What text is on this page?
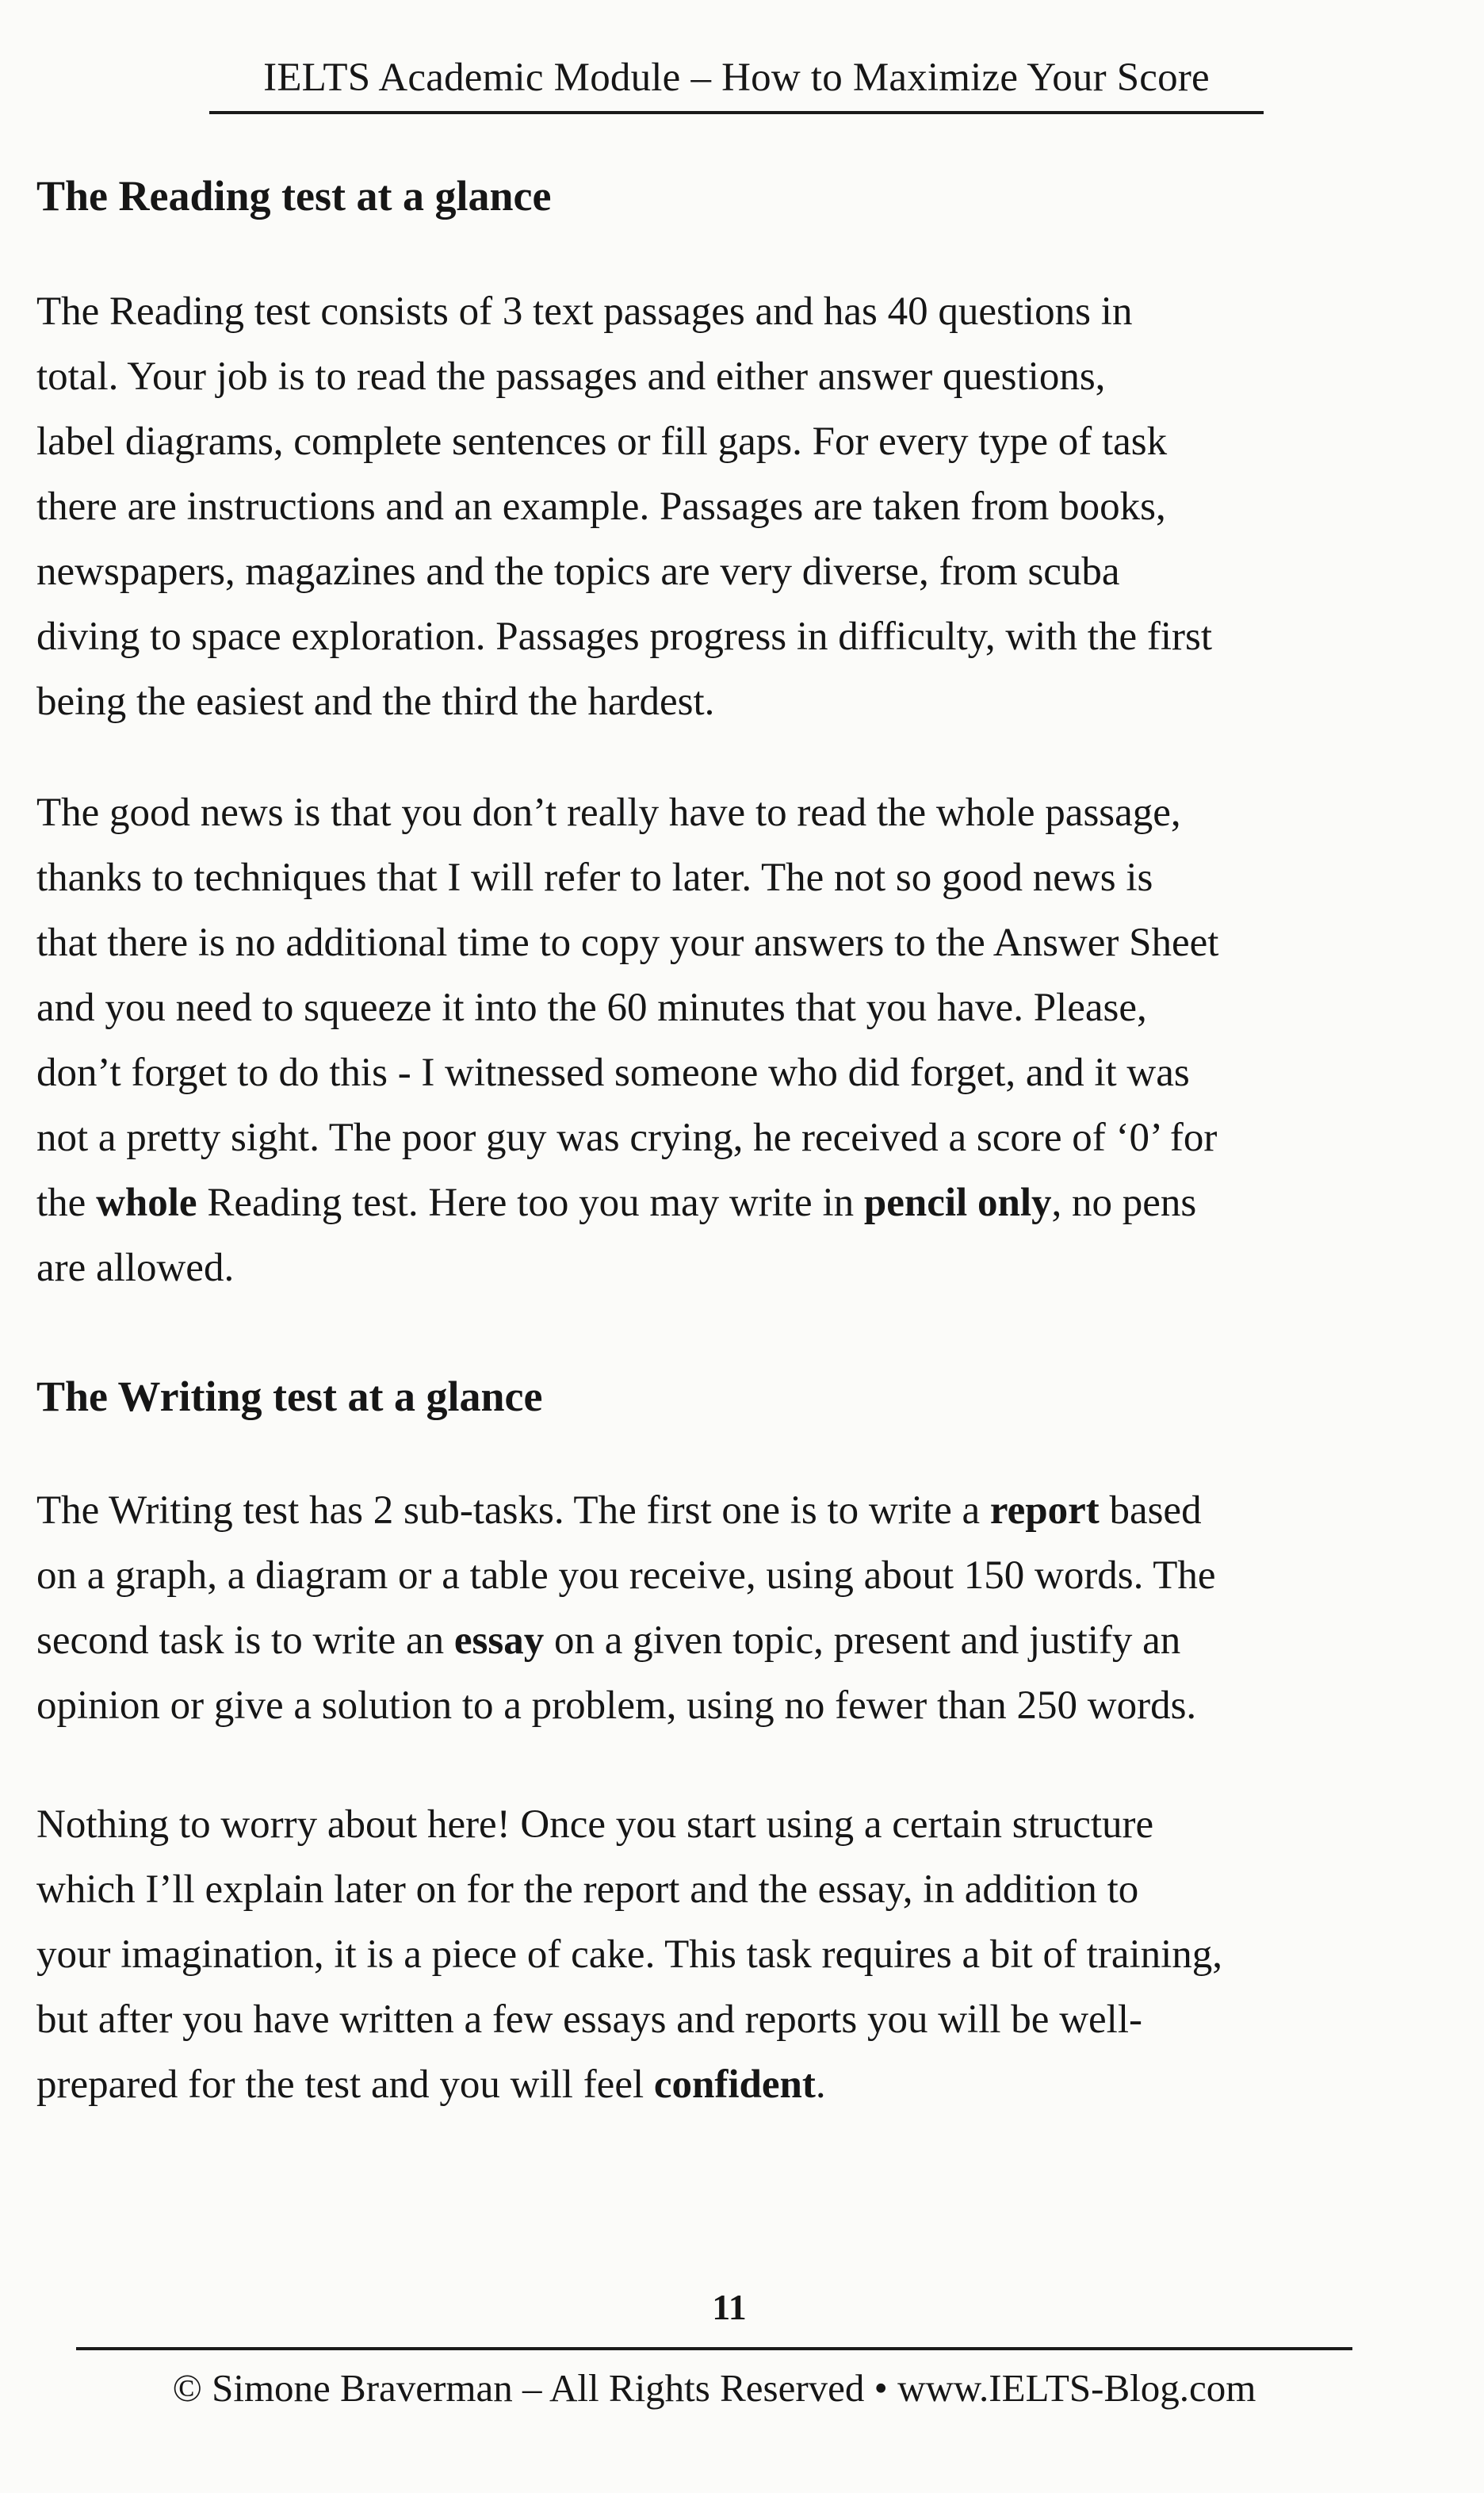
IELTS Academic Module – How to Maximize Your Score
The Reading test at a glance

The Reading test consists of 3 text passages and has 40 questions in
total. Your job is to read the passages and either answer questions,
label diagrams, complete sentences or fill gaps. For every type of task
there are instructions and an example. Passages are taken from books,
newspapers, magazines and the topics are very diverse, from scuba
diving to space exploration. Passages progress in difficulty, with the first
being the easiest and the third the hardest.

The good news is that you don’t really have to read the whole passage,
thanks to techniques that I will refer to later. The not so good news is
that there is no additional time to copy your answers to the Answer Sheet
and you need to squeeze it into the 60 minutes that you have. Please,
don’t forget to do this - I witnessed someone who did forget, and it was
not a pretty sight. The poor guy was crying, he received a score of ‘0’ for
the whole Reading test. Here too you may write in pencil only, no pens
are allowed.

The Writing test at a glance

The Writing test has 2 sub-tasks. The first one is to write a report based
on a graph, a diagram or a table you receive, using about 150 words. The
second task is to write an essay on a given topic, present and justify an
opinion or give a solution to a problem, using no fewer than 250 words.

Nothing to worry about here! Once you start using a certain structure
which I’ll explain later on for the report and the essay, in addition to
your imagination, it is a piece of cake. This task requires a bit of training,
but after you have written a few essays and reports you will be well-
prepared for the test and you will feel confident.

11
© Simone Braverman – All Rights Reserved • www.IELTS-Blog.com
